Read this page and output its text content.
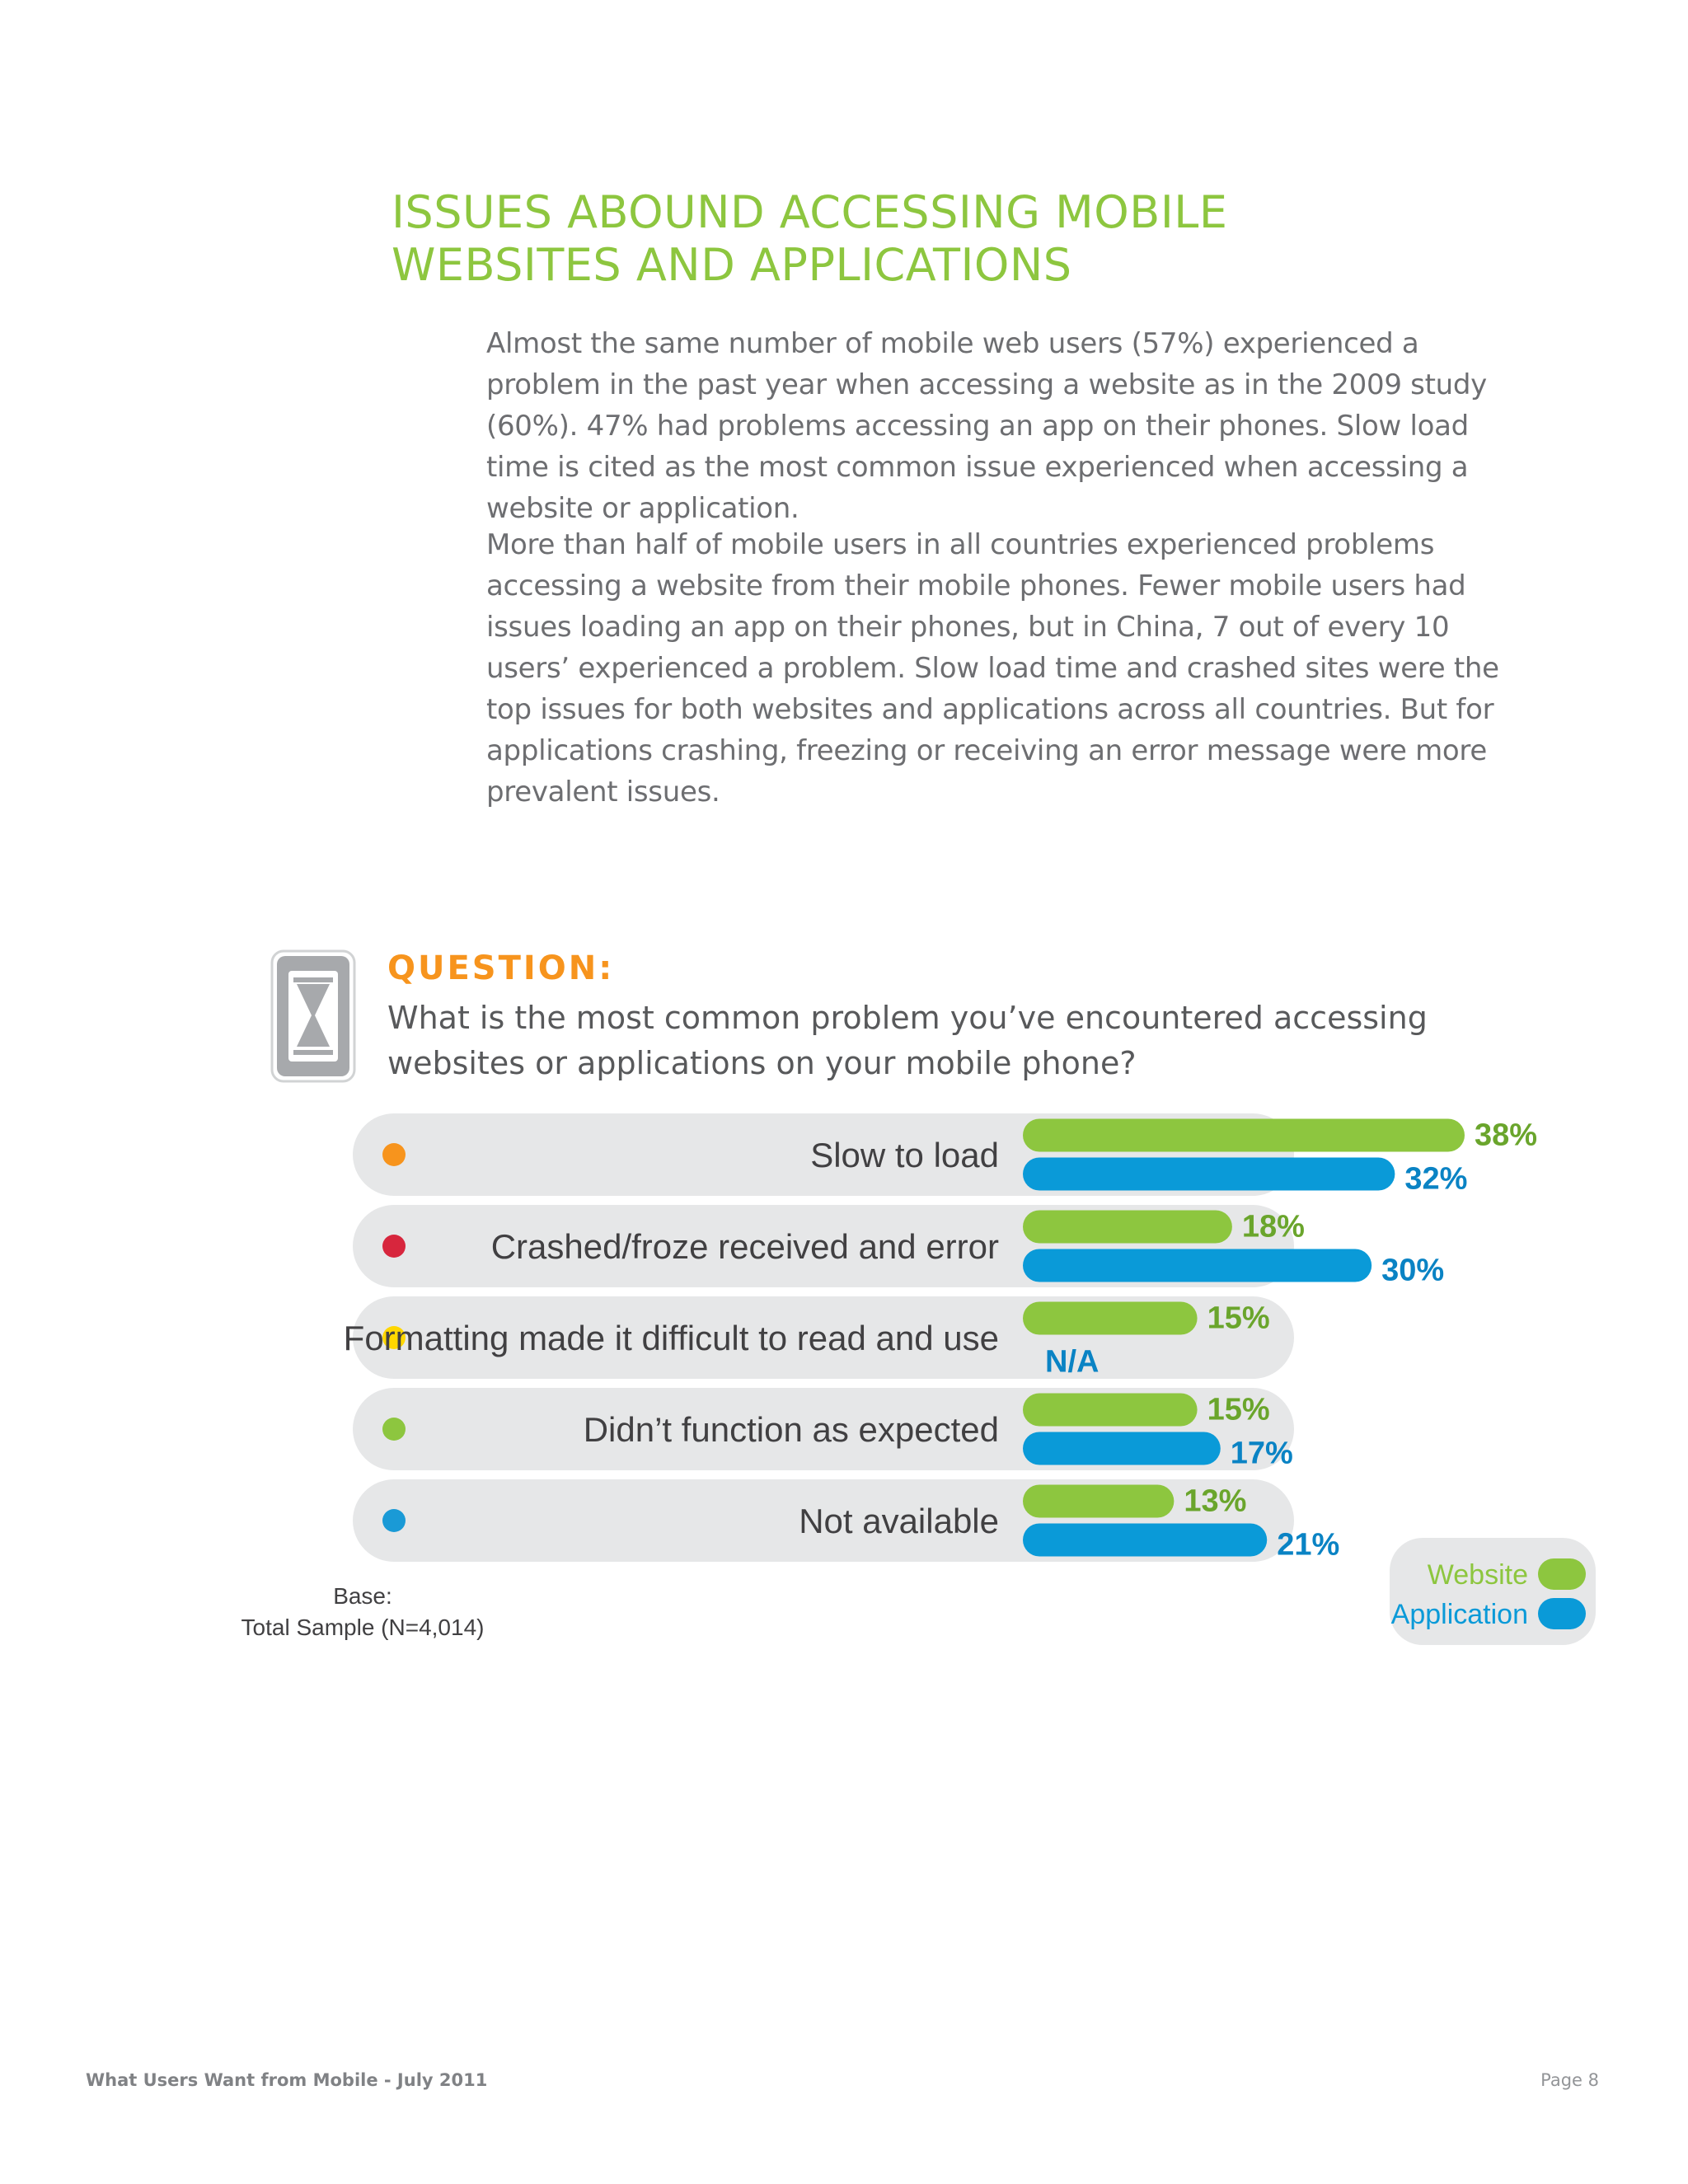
ISSUES ABOUND ACCESSING MOBILE
WEBSITES AND APPLICATIONS

Almost the same number of mobile web users (57%) experienced a problem in the past year when accessing a website as in the 2009 study (60%). 47% had problems accessing an app on their phones. Slow load time is cited as the most common issue experienced when accessing a website or application.

More than half of mobile users in all countries experienced problems accessing a website from their mobile phones. Fewer mobile users had issues loading an app on their phones, but in China, 7 out of every 10 users’ experienced a problem. Slow load time and crashed sites were the top issues for both websites and applications across all countries. But for applications crashing, freezing or receiving an error message were more prevalent issues.

QUESTION:

What is the most common problem you’ve encountered accessing websites or applications on your mobile phone?

Slow to load
38%
32%
Crashed/froze received and error
18%
30%
Formatting made it difficult to read and use
15%
N/A
Didn’t function as expected
15%
17%
Not available
13%
21%
Website
Application
Base:
Total Sample (N=4,014)
What Users Want from Mobile - July 2011	Page 8
